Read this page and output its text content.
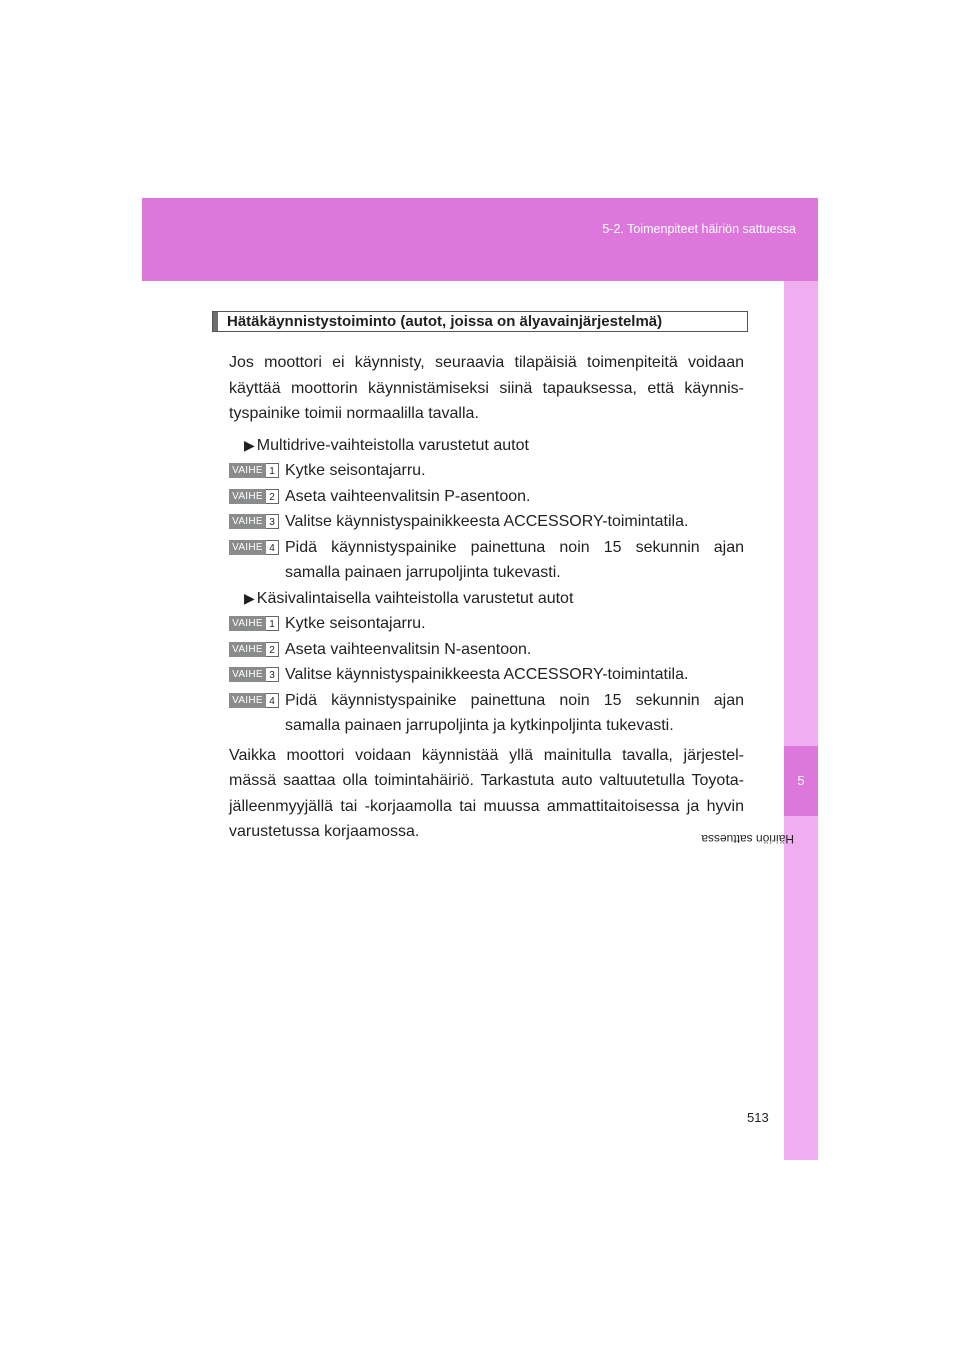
5-2. Toimenpiteet häiriön sattuessa
5
Häiriön sattuessa
Hätäkäynnistystoiminto (autot, joissa on älyavainjärjestelmä)

Jos moottori ei käynnisty, seuraavia tilapäisiä toimenpiteitä voidaan käyttää moottorin käynnistämiseksi siinä tapauksessa, että käynnis-tyspainike toimii normaalilla tavalla.

▶ Multidrive-vaihteistolla varustetut autot
VAIHE 1 Kytke seisontajarru.
VAIHE 2 Aseta vaihteenvalitsin P-asentoon.
VAIHE 3 Valitse käynnistyspainikkeesta ACCESSORY-toimintatila.
VAIHE 4 Pidä käynnistyspainike painettuna noin 15 sekunnin ajan samalla painaen jarrupoljinta tukevasti.
▶ Käsivalintaisella vaihteistolla varustetut autot
VAIHE 1 Kytke seisontajarru.
VAIHE 2 Aseta vaihteenvalitsin N-asentoon.
VAIHE 3 Valitse käynnistyspainikkeesta ACCESSORY-toimintatila.
VAIHE 4 Pidä käynnistyspainike painettuna noin 15 sekunnin ajan samalla painaen jarrupoljinta ja kytkinpoljinta tukevasti.

Vaikka moottori voidaan käynnistää yllä mainitulla tavalla, järjestel-mässä saattaa olla toimintahäiriö. Tarkastuta auto valtuutetulla Toyota-jälleenmyyjällä tai -korjaamolla tai muussa ammattitaitoisessa ja hyvin varustetussa korjaamossa.

513
